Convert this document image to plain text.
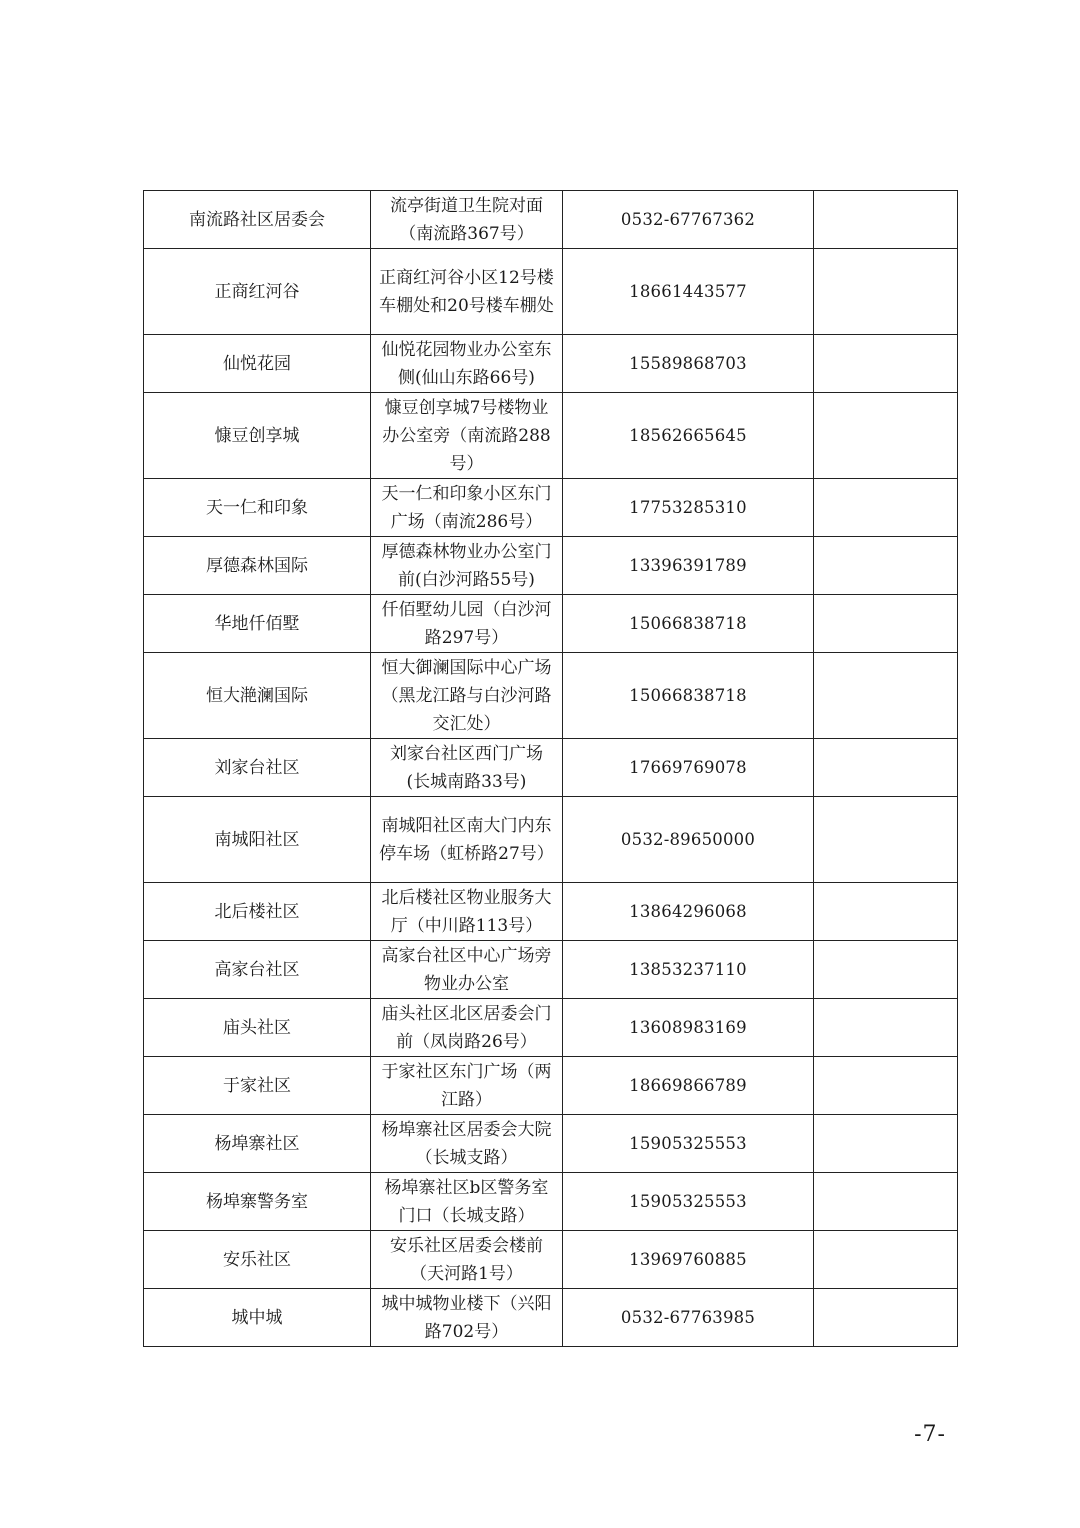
南流路社区居委会	流亭街道卫生院对面（南流路367号）	0532-67767362	
正商红河谷	正商红河谷小区12号楼车棚处和20号楼车棚处	18661443577	
仙悦花园	仙悦花园物业办公室东侧(仙山东路66号)	15589868703	
慷豆创享城	慷豆创享城7号楼物业办公室旁（南流路288号）	18562665645	
天一仁和印象	天一仁和印象小区东门广场（南流286号）	17753285310	
厚德森林国际	厚德森林物业办公室门前(白沙河路55号)	13396391789	
华地仟佰墅	仟佰墅幼儿园（白沙河路297号）	15066838718	
恒大滟澜国际	恒大御澜国际中心广场（黑龙江路与白沙河路交汇处）	15066838718	
刘家台社区	刘家台社区西门广场(长城南路33号)	17669769078	
南城阳社区	南城阳社区南大门内东停车场（虹桥路27号）	0532-89650000	
北后楼社区	北后楼社区物业服务大厅（中川路113号）	13864296068	
高家台社区	高家台社区中心广场旁物业办公室	13853237110	
庙头社区	庙头社区北区居委会门前（凤岗路26号）	13608983169	
于家社区	于家社区东门广场（两江路）	18669866789	
杨埠寨社区	杨埠寨社区居委会大院（长城支路）	15905325553	
杨埠寨警务室	杨埠寨社区b区警务室门口（长城支路）	15905325553	
安乐社区	安乐社区居委会楼前（天河路1号）	13969760885	
城中城	城中城物业楼下（兴阳路702号）	0532-67763985	
-7-
